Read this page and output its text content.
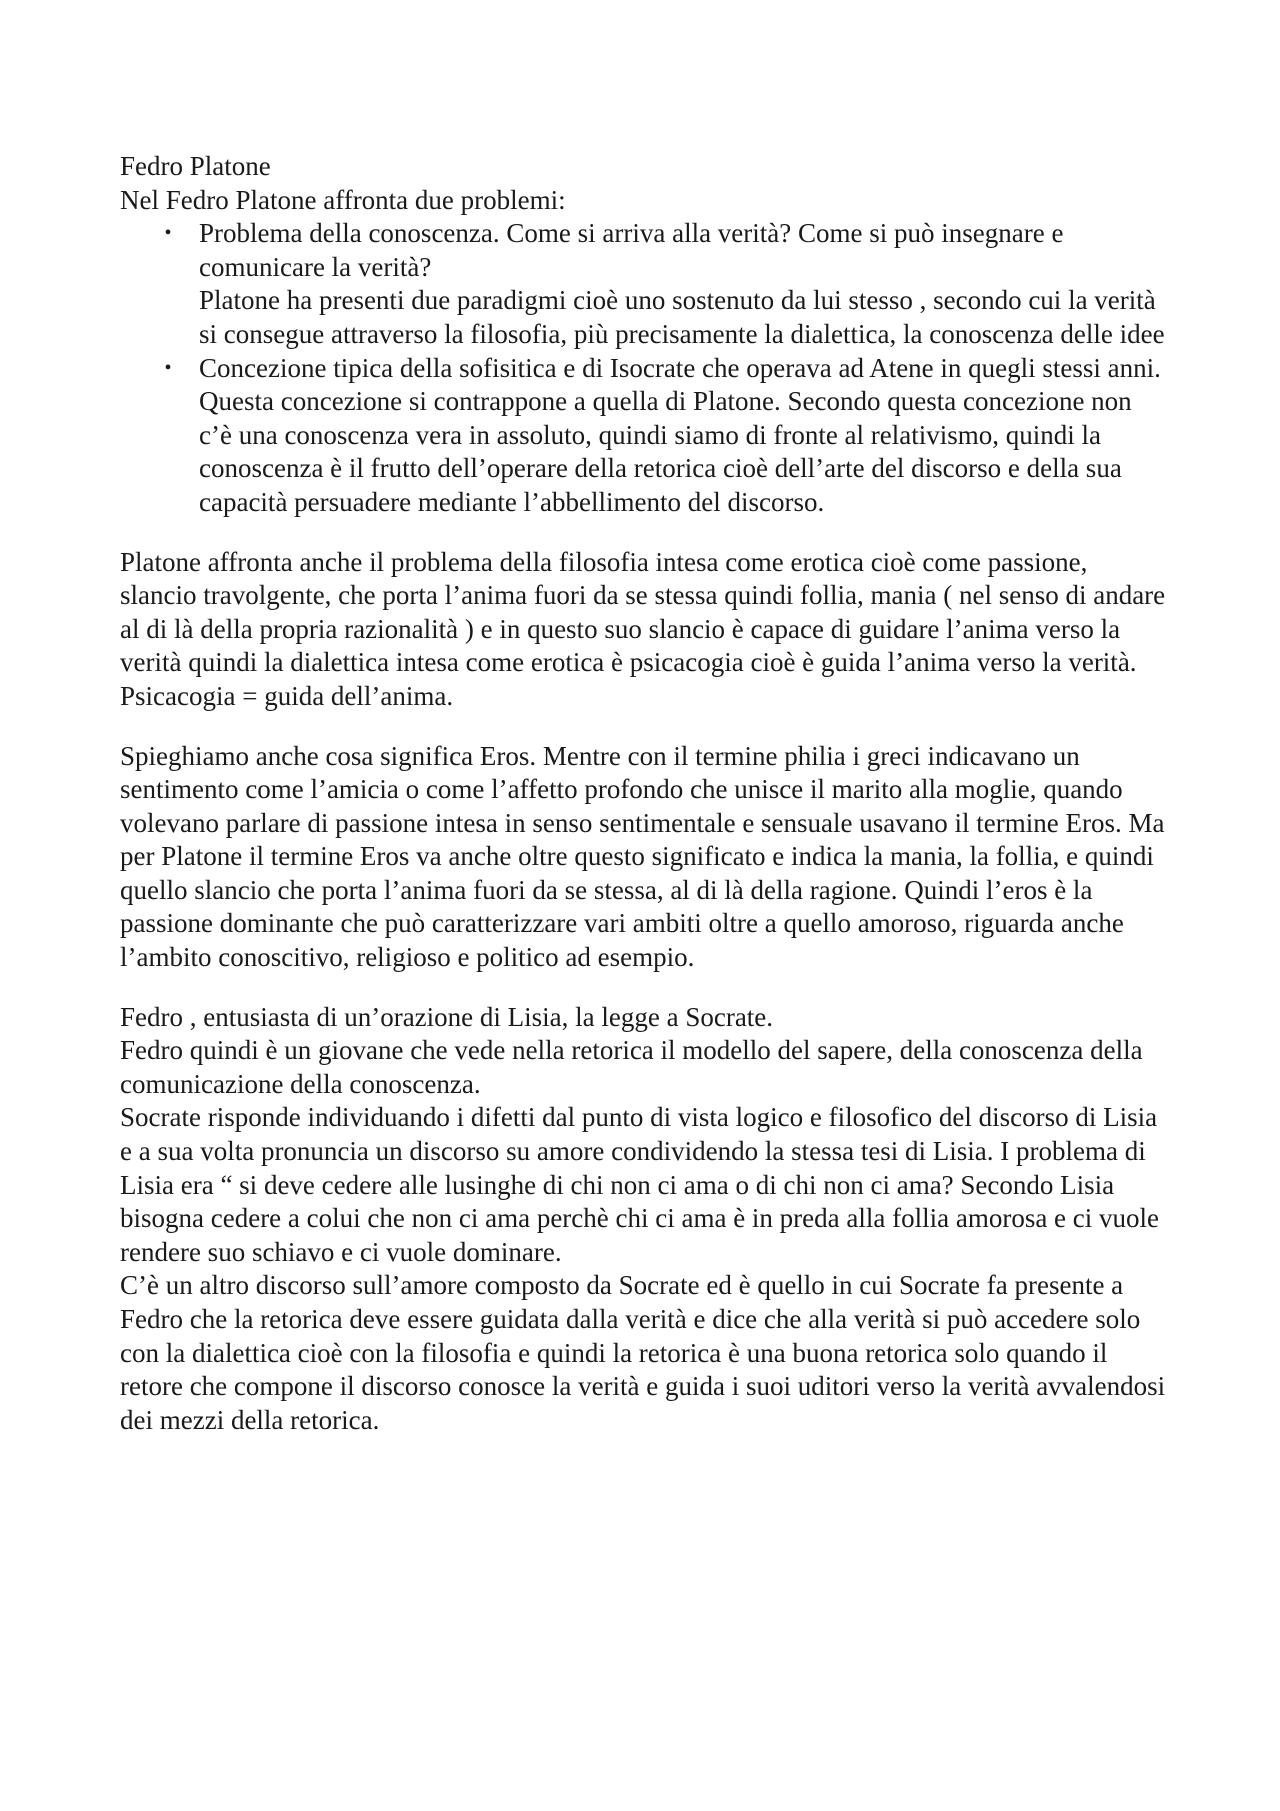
Fedro Platone

Nel Fedro Platone affronta due problemi:

• Problema della conoscenza. Come si arriva alla verità? Come si può insegnare e comunicare la verità?

Platone ha presenti due paradigmi cioè uno sostenuto da lui stesso , secondo cui la verità si consegue attraverso la filosofia, più precisamente la dialettica, la conoscenza delle idee

• Concezione tipica della sofisitica e di Isocrate che operava ad Atene in quegli stessi anni. Questa concezione si contrappone a quella di Platone. Secondo questa concezione non c’è una conoscenza vera in assoluto, quindi siamo di fronte al relativismo, quindi la conoscenza è il frutto dell’operare della retorica cioè dell’arte del discorso e della sua capacità persuadere mediante l’abbellimento del discorso.

Platone affronta anche il problema della filosofia intesa come erotica cioè come passione, slancio travolgente, che porta l’anima fuori da se stessa quindi follia, mania ( nel senso di andare al di là della propria razionalità ) e in questo suo slancio è capace di guidare l’anima verso la verità quindi la dialettica intesa come erotica è psicacogia cioè è guida l’anima verso la verità.

Psicacogia = guida dell’anima.

Spieghiamo anche cosa significa Eros. Mentre con il termine philia i greci indicavano un sentimento come l’amicia o come l’affetto profondo che unisce il marito alla moglie, quando volevano parlare di passione intesa in senso sentimentale e sensuale usavano il termine Eros. Ma per Platone il termine Eros va anche oltre questo significato e indica la mania, la follia, e quindi quello slancio che porta l’anima fuori da se stessa, al di là della ragione. Quindi l’eros è la passione dominante che può caratterizzare vari ambiti oltre a quello amoroso, riguarda anche l’ambito conoscitivo, religioso e politico ad esempio.

Fedro , entusiasta di un’orazione di Lisia, la legge a Socrate.

Fedro quindi è un giovane che vede nella retorica il modello del sapere, della conoscenza della comunicazione della conoscenza.

Socrate risponde individuando i difetti dal punto di vista logico e filosofico del discorso di Lisia e a sua volta pronuncia un discorso su amore condividendo la stessa tesi di Lisia. I problema di Lisia era “ si deve cedere alle lusinghe di chi non ci ama o di chi non ci ama? Secondo Lisia bisogna cedere a colui che non ci ama perchè chi ci ama è in preda alla follia amorosa e ci vuole rendere suo schiavo e ci vuole dominare.

C’è un altro discorso sull’amore composto da Socrate ed è quello in cui Socrate fa presente a Fedro che la retorica deve essere guidata dalla verità e dice che alla verità si può accedere solo con la dialettica cioè con la filosofia e quindi la retorica è una buona retorica solo quando il retore che compone il discorso conosce la verità e guida i suoi uditori verso la verità avvalendosi dei mezzi della retorica.
